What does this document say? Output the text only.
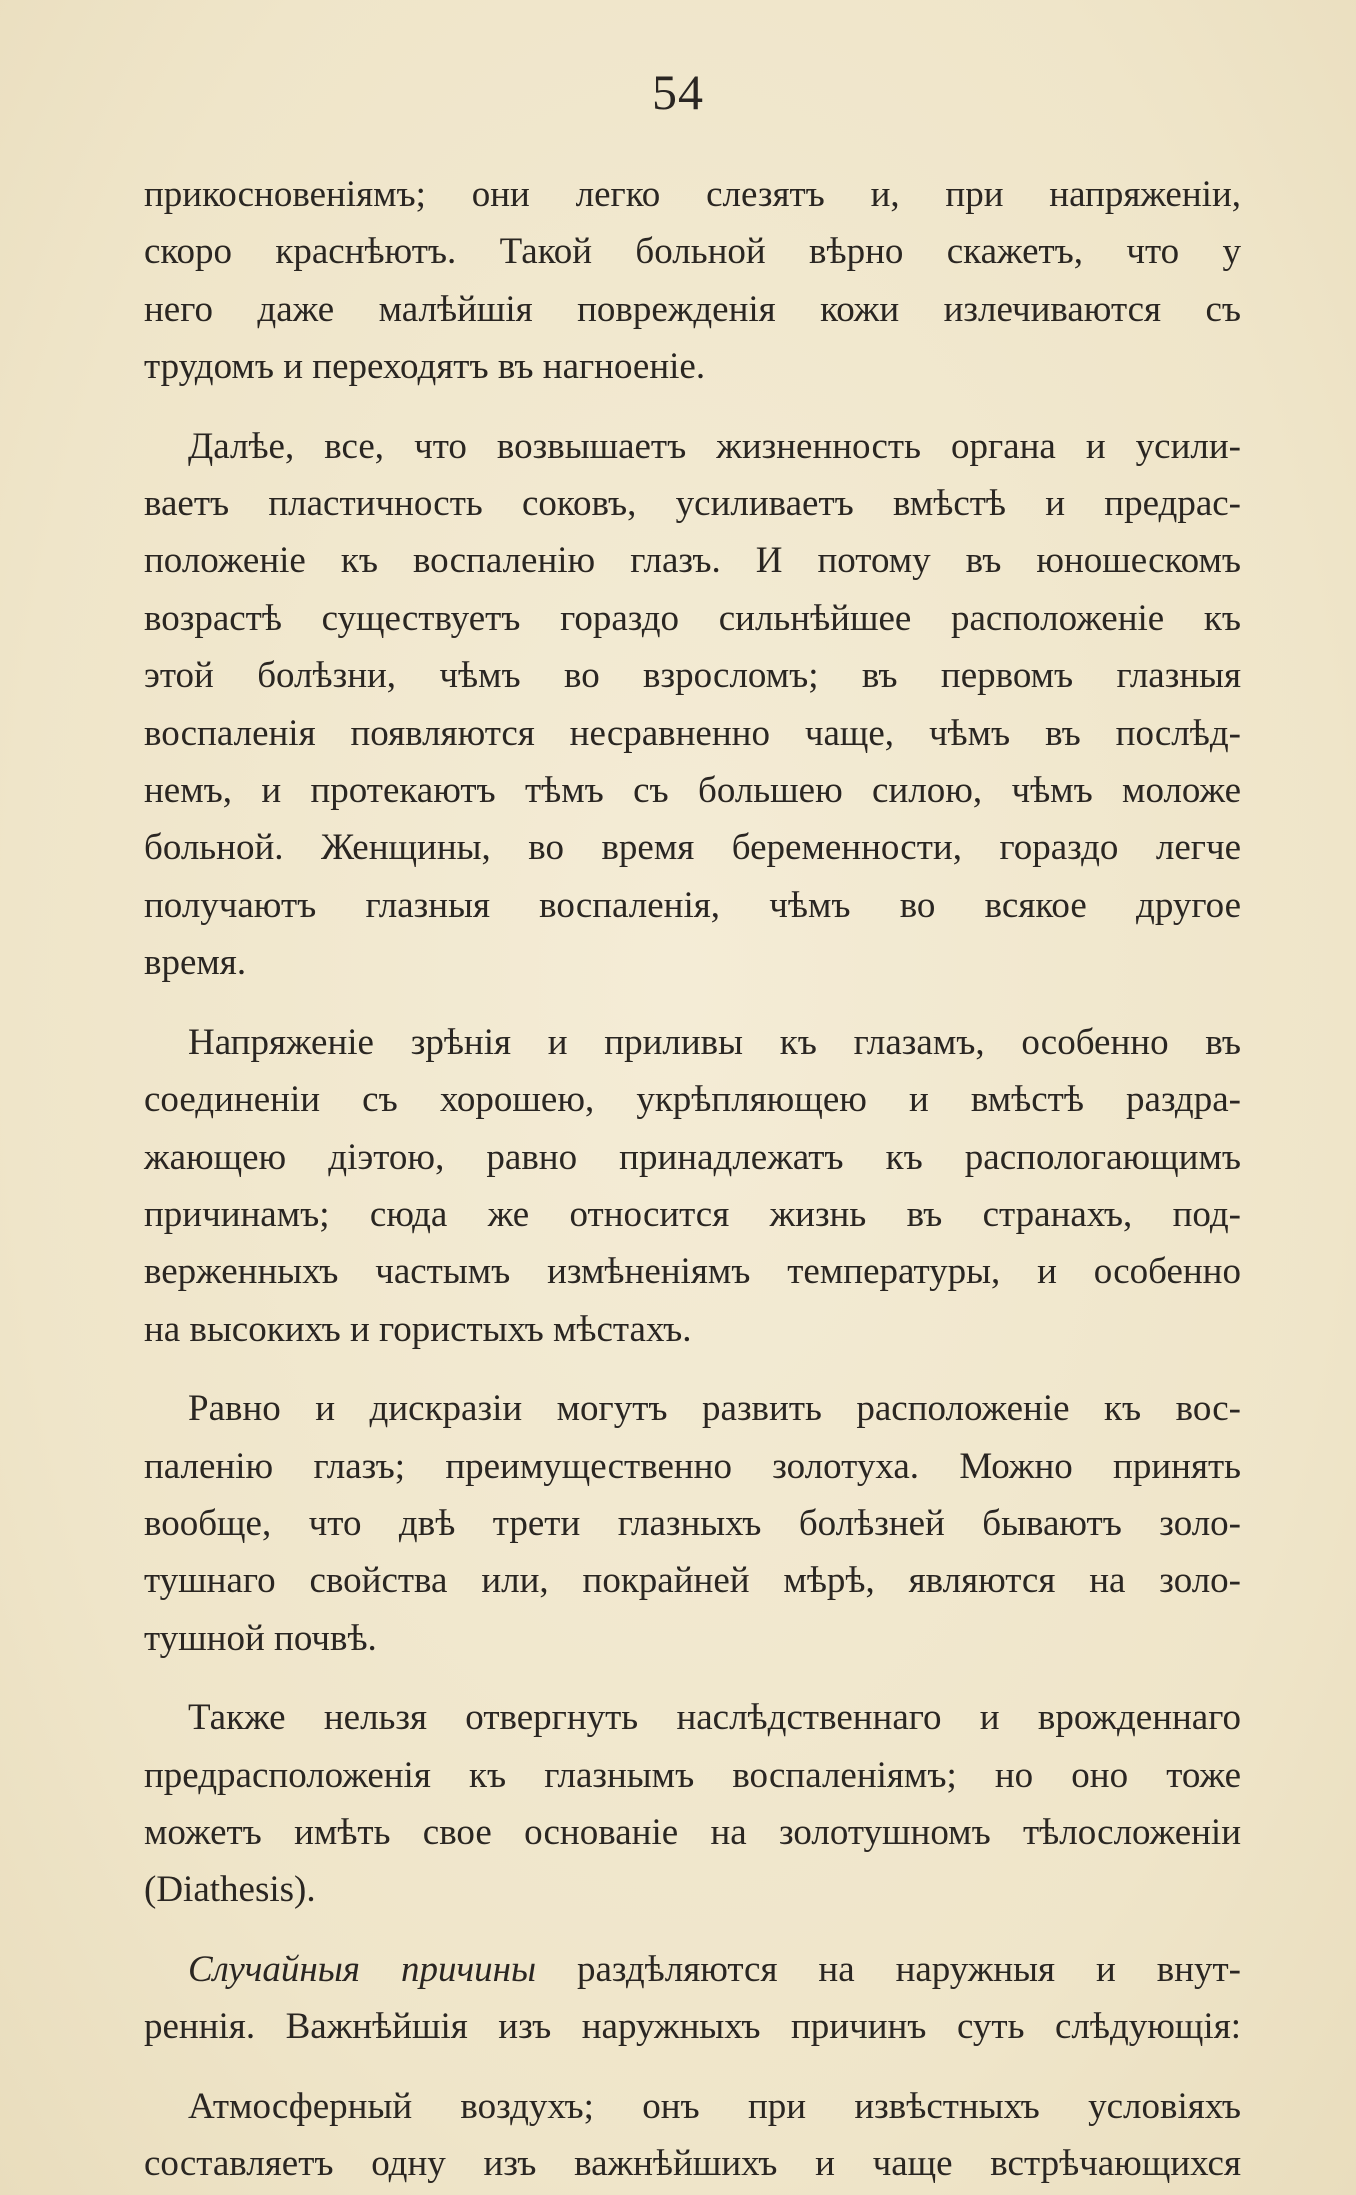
54
прикосновенiямъ; они легко слезятъ и, при напряженiи,
скоро краснѣютъ. Такой больной вѣрно скажетъ, что у
него даже малѣйшiя поврежденiя кожи излечиваются съ
трудомъ и переходятъ въ нагноенiе.
Далѣе, все, что возвышаетъ жизненность органа и усили-
ваетъ пластичность соковъ, усиливаетъ вмѣстѣ и предрас-
положенiе къ воспаленiю глазъ. И потому въ юношескомъ
возрастѣ существуетъ гораздо сильнѣйшее расположенiе къ
этой болѣзни, чѣмъ во взросломъ; въ первомъ глазныя
воспаленiя появляются несравненно чаще, чѣмъ въ послѣд-
немъ, и протекаютъ тѣмъ съ большею силою, чѣмъ моложе
больной. Женщины, во время беременности, гораздо легче
получаютъ глазныя воспаленiя, чѣмъ во всякое другое
время.
Напряженiе зрѣнiя и приливы къ глазамъ, особенно въ
соединенiи съ хорошею, укрѣпляющею и вмѣстѣ раздра-
жающею дiэтою, равно принадлежатъ къ распологающимъ
причинамъ; сюда же относится жизнь въ странахъ, под-
верженныхъ частымъ измѣненiямъ температуры, и особенно
на высокихъ и гористыхъ мѣстахъ.
Равно и дискразiи могутъ развить расположенiе къ вос-
паленiю глазъ; преимущественно золотуха. Можно принять
вообще, что двѣ трети глазныхъ болѣзней бываютъ золо-
тушнаго свойства или, покрайней мѣрѣ, являются на золо-
тушной почвѣ.
Также нельзя отвергнуть наслѣдственнаго и врожденнаго
предрасположенiя къ глазнымъ воспаленiямъ; но оно тоже
можетъ имѣть свое основанiе на золотушномъ тѣлосложенiи
(Diathesis).
Случайныя причины раздѣляются на наружныя и внут-
реннiя. Важнѣйшiя изъ наружныхъ причинъ суть слѣдующiя:
Атмосферный воздухъ; онъ при извѣстныхъ условiяхъ
составляетъ одну изъ важнѣйшихъ и чаще встрѣчающихся
